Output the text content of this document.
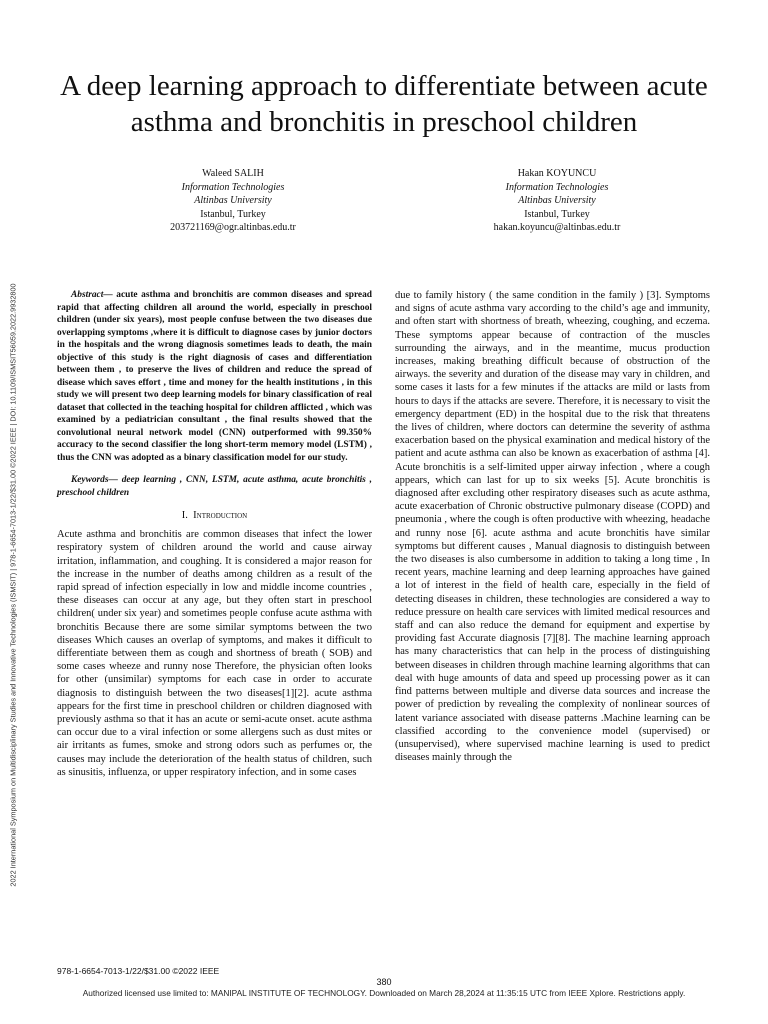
2022 International Symposium on Multidisciplinary Studies and Innovative Technologies (ISMSIT) | 978-1-6654-7013-1/22/$31.00 ©2022 IEEE | DOI: 10.1109/ISMSIT56059.2022.9932800
A deep learning approach to differentiate between acute asthma and bronchitis in preschool children
Waleed SALIH
Information Technologies
Altinbas University
Istanbul, Turkey
203721169@ogr.altinbas.edu.tr
Hakan KOYUNCU
Information Technologies
Altinbas University
Istanbul, Turkey
hakan.koyuncu@altinbas.edu.tr

Abstract— acute asthma and bronchitis are common diseases and spread rapid that affecting children all around the world, especially in preschool children (under six years), most people confuse between the two diseases due overlapping symptoms ,where it is difficult to diagnose cases by junior doctors in the hospitals and the wrong diagnosis sometimes leads to death, the main objective of this study is the right diagnosis of cases and differentiation between them , to preserve the lives of children and reduce the spread of disease which saves effort , time and money for the health institutions , in this study we will present two deep learning models for binary classification of real dataset that collected in the teaching hospital for children afflicted , which was examined by a pediatrician consultant , the final results showed that the convolutional neural network model (CNN) outperformed with 99.350% accuracy to the second classifier the long short-term memory model (LSTM) , thus the CNN was adopted as a binary classification model for our study.

Keywords— deep learning , CNN, LSTM, acute asthma, acute bronchitis , preschool children

I. Introduction

Acute asthma and bronchitis are common diseases that infect the lower respiratory system of children around the world and cause airway irritation, inflammation, and coughing. It is considered a major reason for the increase in the number of deaths among children as a result of the rapid spread of infection especially in low and middle income countries , these diseases can occur at any age, but they often start in preschool children( under six year) and sometimes people confuse acute asthma with bronchitis Because there are some similar symptoms between the two diseases Which causes an overlap of symptoms, and makes it difficult to differentiate between them as cough and shortness of breath ( SOB) and some cases wheeze and runny nose Therefore, the physician often looks for other (unsimilar) symptoms for each case in order to accurate diagnosis to distinguish between the two diseases[1][2]. acute asthma appears for the first time in preschool children or children diagnosed with previously asthma so that it has an acute or semi-acute onset. acute asthma can occur due to a viral infection or some allergens such as dust mites or air irritants as fumes, smoke and strong odors such as perfumes or, the causes may include the deterioration of the health status of children, such as sinusitis, influenza, or upper respiratory infection, and in some cases

due to family history ( the same condition in the family ) [3]. Symptoms and signs of acute asthma vary according to the child’s age and immunity, and often start with shortness of breath, wheezing, coughing, and eczema. These symptoms appear because of contraction of the muscles surrounding the airways, and in the meantime, mucus production increases, making breathing difficult because of obstruction of the airways. the severity and duration of the disease may vary in children, and some cases it lasts for a few minutes if the attacks are mild or lasts from hours to days if the attacks are severe. Therefore, it is necessary to visit the emergency department (ED) in the hospital due to the risk that threatens the lives of children, where doctors can determine the severity of asthma exacerbation based on the physical examination and medical history of the patient and acute asthma can also be known as exacerbation of asthma [4]. Acute bronchitis is a self-limited upper airway infection , where a cough appears, which can last for up to six weeks [5]. Acute bronchitis is diagnosed after excluding other respiratory diseases such as acute asthma, acute exacerbation of Chronic obstructive pulmonary disease (COPD) and pneumonia , where the cough is often productive with wheezing, headache and runny nose [6]. acute asthma and acute bronchitis have similar symptoms but different causes , Manual diagnosis to distinguish between the two diseases is also cumbersome in addition to taking a long time , In recent years, machine learning and deep learning approaches have gained a lot of interest in the field of health care, especially in the field of detecting diseases in children, these technologies are considered a way to reduce pressure on health care services with limited medical resources and staff and can also reduce the demand for equipment and expertise by providing fast Accurate diagnosis [7][8]. The machine learning approach has many characteristics that can help in the process of distinguishing between diseases in children through machine learning algorithms that can deal with huge amounts of data and speed up processing power as it can find patterns between multiple and diverse data sources and increase the power of prediction by revealing the complexity of nonlinear sources of latent variance associated with disease patterns .Machine learning can be classified according to the convenience model (supervised) or (unsupervised), where supervised machine learning is used to predict diseases mainly through the

978-1-6654-7013-1/22/$31.00 ©2022 IEEE
380
Authorized licensed use limited to: MANIPAL INSTITUTE OF TECHNOLOGY. Downloaded on March 28,2024 at 11:35:15 UTC from IEEE Xplore. Restrictions apply.
